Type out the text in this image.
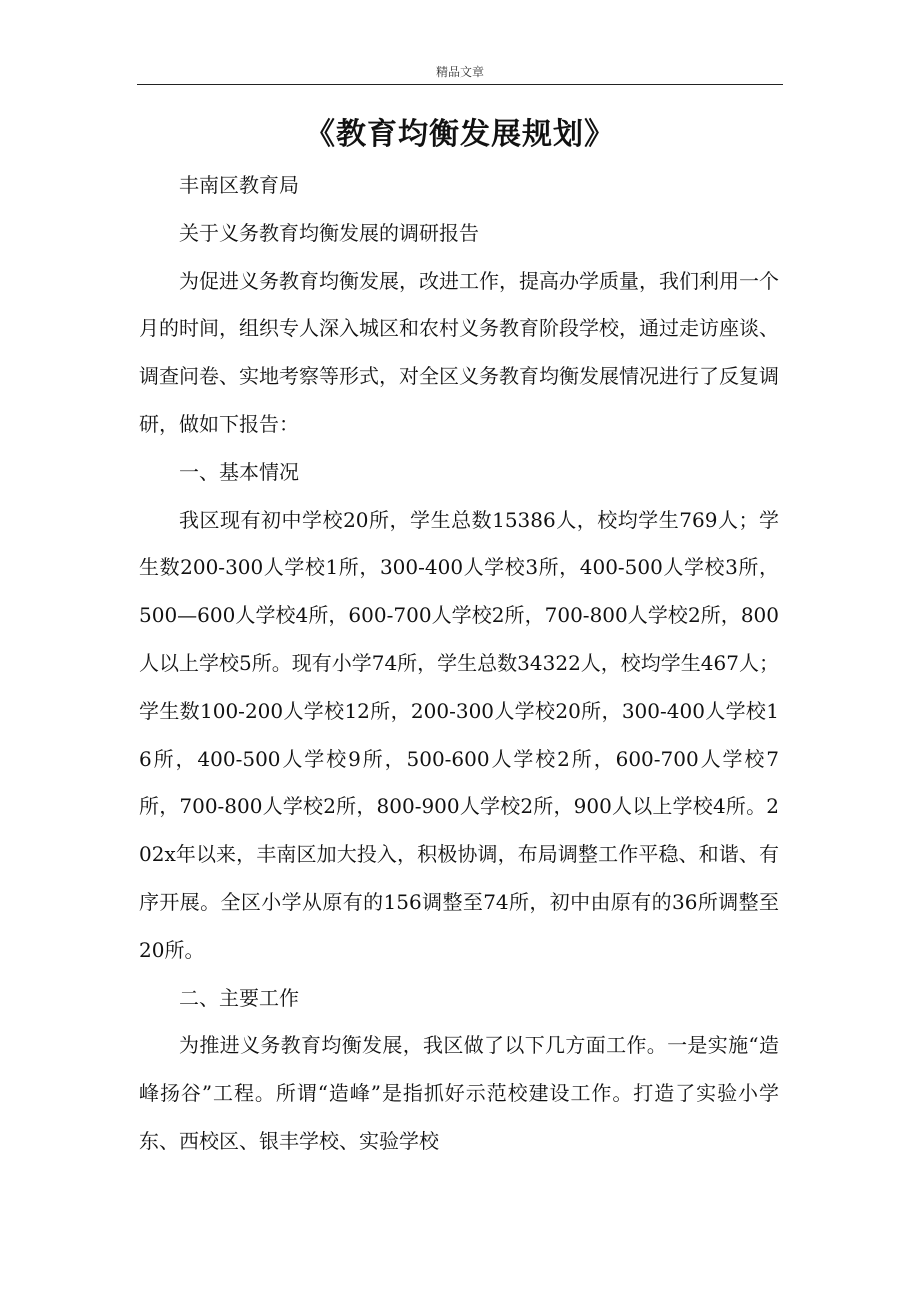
精品文章
《教育均衡发展规划》

丰南区教育局

关于义务教育均衡发展的调研报告

为促进义务教育均衡发展，改进工作，提高办学质量，我们利用一个月的时间，组织专人深入城区和农村义务教育阶段学校，通过走访座谈、调查问卷、实地考察等形式，对全区义务教育均衡发展情况进行了反复调研，做如下报告：

一、基本情况

我区现有初中学校20所，学生总数15386人，校均学生769人；学生数200-300人学校1所，300-400人学校3所，400-500人学校3所，500—600人学校4所，600-700人学校2所，700-800人学校2所，800人以上学校5所。现有小学74所，学生总数34322人，校均学生467人；学生数100-200人学校12所，200-300人学校20所，300-400人学校16所，400-500人学校9所，500-600人学校2所，600-700人学校7所，700-800人学校2所，800-900人学校2所，900人以上学校4所。202x年以来，丰南区加大投入，积极协调，布局调整工作平稳、和谐、有序开展。全区小学从原有的156调整至74所，初中由原有的36所调整至20所。

二、主要工作

为推进义务教育均衡发展，我区做了以下几方面工作。一是实施“造峰扬谷”工程。所谓“造峰”是指抓好示范校建设工作。打造了实验小学东、西校区、银丰学校、实验学校
